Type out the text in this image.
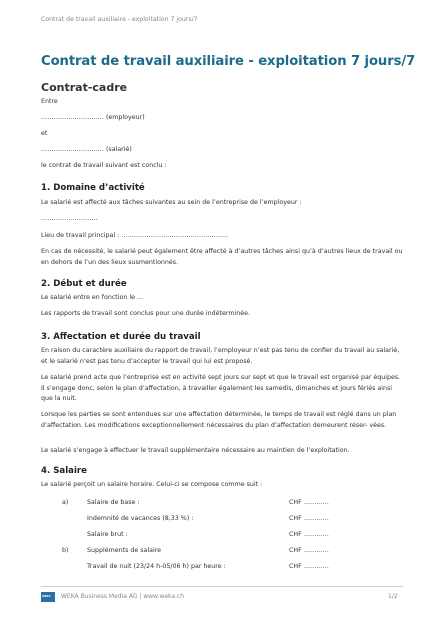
Contrat de travail auxiliaire - exploitation 7 jours/7
Contrat de travail auxiliaire - exploitation 7 jours/7
Contrat-cadre
Entre
………………………… (employeur)
et
………………………… (salarié)
le contrat de travail suivant est conclu :
1. Domaine d’activité
Le salarié est affecté aux tâches suivantes au sein de l’entreprise de l’employeur :
………………………
Lieu de travail principal : ……………………………………………
En cas de nécessité, le salarié peut également être affecté à d’autres tâches ainsi qu’à d’autres lieux de travail ou en dehors de l’un des lieux susmentionnés.
2. Début et durée
Le salarié entre en fonction le …
Les rapports de travail sont conclus pour une durée indéterminée.
3. Affectation et durée du travail
En raison du caractère auxiliaire du rapport de travail, l’employeur n’est pas tenu de confier du travail au salarié, et le salarié n’est pas tenu d’accepter le travail qui lui est proposé.
Le salarié prend acte que l’entreprise est en activité sept jours sur sept et que le travail est organisé par équipes. Il s’engage donc, selon le plan d’affectation, à travailler également les samedis, dimanches et jours fériés ainsi que la nuit.
Lorsque les parties se sont entendues sur une affectation déterminée, le temps de travail est réglé dans un plan d’affectation. Les modifications exceptionnellement nécessaires du plan d’affectation demeurent réser- vées.
Le salarié s’engage à effectuer le travail supplémentaire nécessaire au maintien de l’exploitation.
4. Salaire
Le salarié perçoit un salaire horaire. Celui-ci se compose comme suit :
a)	Salaire de base :	CHF …………
Indemnité de vacances (8,33 %) :	CHF …………
Salaire brut :	CHF …………
b)	Suppléments de salaire	CHF …………
Travail de nuit (23/24 h-05/06 h) par heure :	CHF …………
WEKA WEKA Business Media AG | www.weka.ch	1/2
